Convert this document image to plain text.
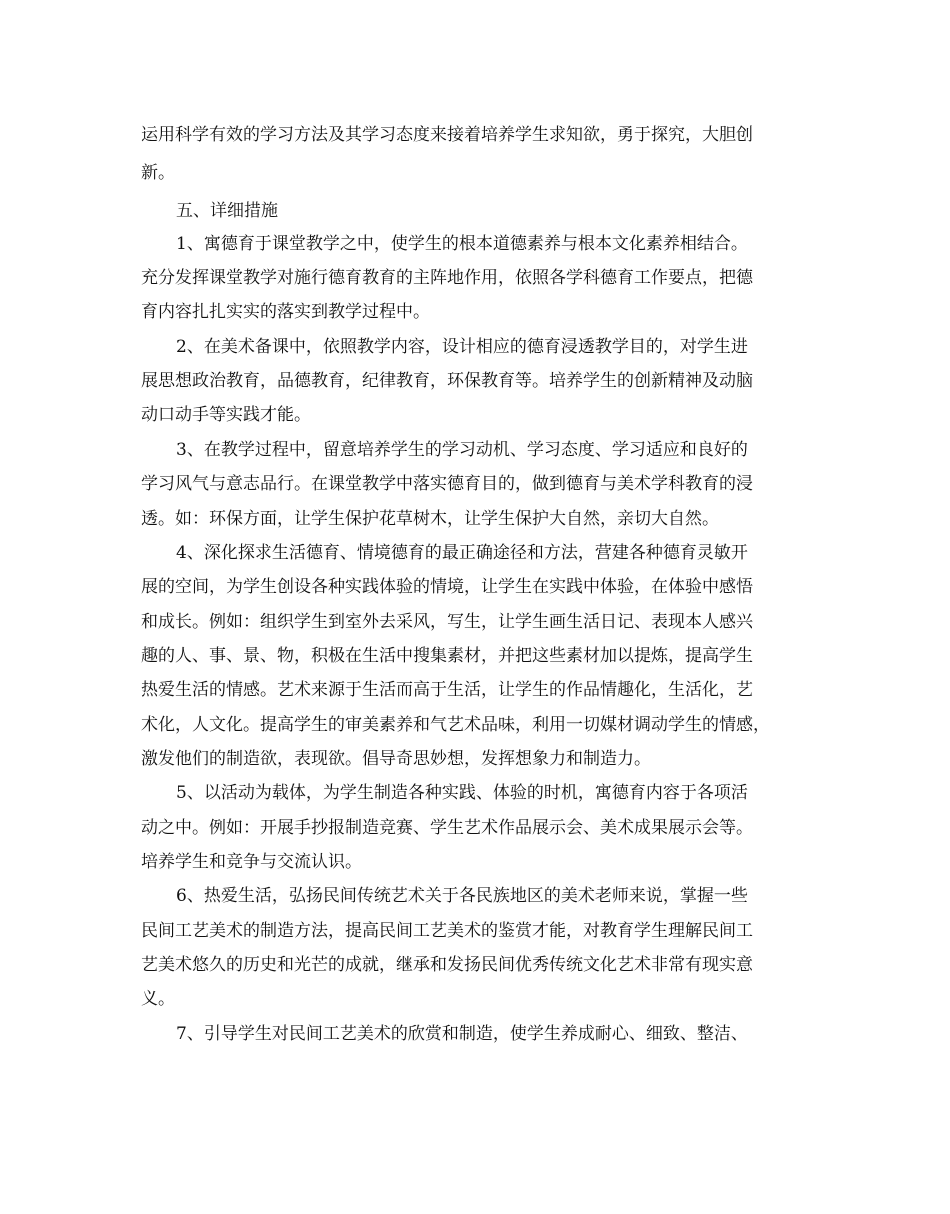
运用科学有效的学习方法及其学习态度来接着培养学生求知欲，勇于探究，大胆创

新。

五、详细措施

1、寓德育于课堂教学之中，使学生的根本道德素养与根本文化素养相结合。

充分发挥课堂教学对施行德育教育的主阵地作用，依照各学科德育工作要点，把德

育内容扎扎实实的落实到教学过程中。

2、在美术备课中，依照教学内容，设计相应的德育浸透教学目的，对学生进

展思想政治教育，品德教育，纪律教育，环保教育等。培养学生的创新精神及动脑

动口动手等实践才能。

3、在教学过程中，留意培养学生的学习动机、学习态度、学习适应和良好的

学习风气与意志品行。在课堂教学中落实德育目的，做到德育与美术学科教育的浸

透。如：环保方面，让学生保护花草树木，让学生保护大自然，亲切大自然。

4、深化探求生活德育、情境德育的最正确途径和方法，营建各种德育灵敏开

展的空间，为学生创设各种实践体验的情境，让学生在实践中体验，在体验中感悟

和成长。例如：组织学生到室外去采风，写生，让学生画生活日记、表现本人感兴

趣的人、事、景、物，积极在生活中搜集素材，并把这些素材加以提炼，提高学生

热爱生活的情感。艺术来源于生活而高于生活，让学生的作品情趣化，生活化，艺

术化，人文化。提高学生的审美素养和气艺术品味，利用一切媒材调动学生的情感，

激发他们的制造欲，表现欲。倡导奇思妙想，发挥想象力和制造力。

5、以活动为载体，为学生制造各种实践、体验的时机，寓德育内容于各项活

动之中。例如：开展手抄报制造竞赛、学生艺术作品展示会、美术成果展示会等。

培养学生和竞争与交流认识。

6、热爱生活，弘扬民间传统艺术关于各民族地区的美术老师来说，掌握一些

民间工艺美术的制造方法，提高民间工艺美术的鉴赏才能，对教育学生理解民间工

艺美术悠久的历史和光芒的成就，继承和发扬民间优秀传统文化艺术非常有现实意

义。

7、引导学生对民间工艺美术的欣赏和制造，使学生养成耐心、细致、整洁、
